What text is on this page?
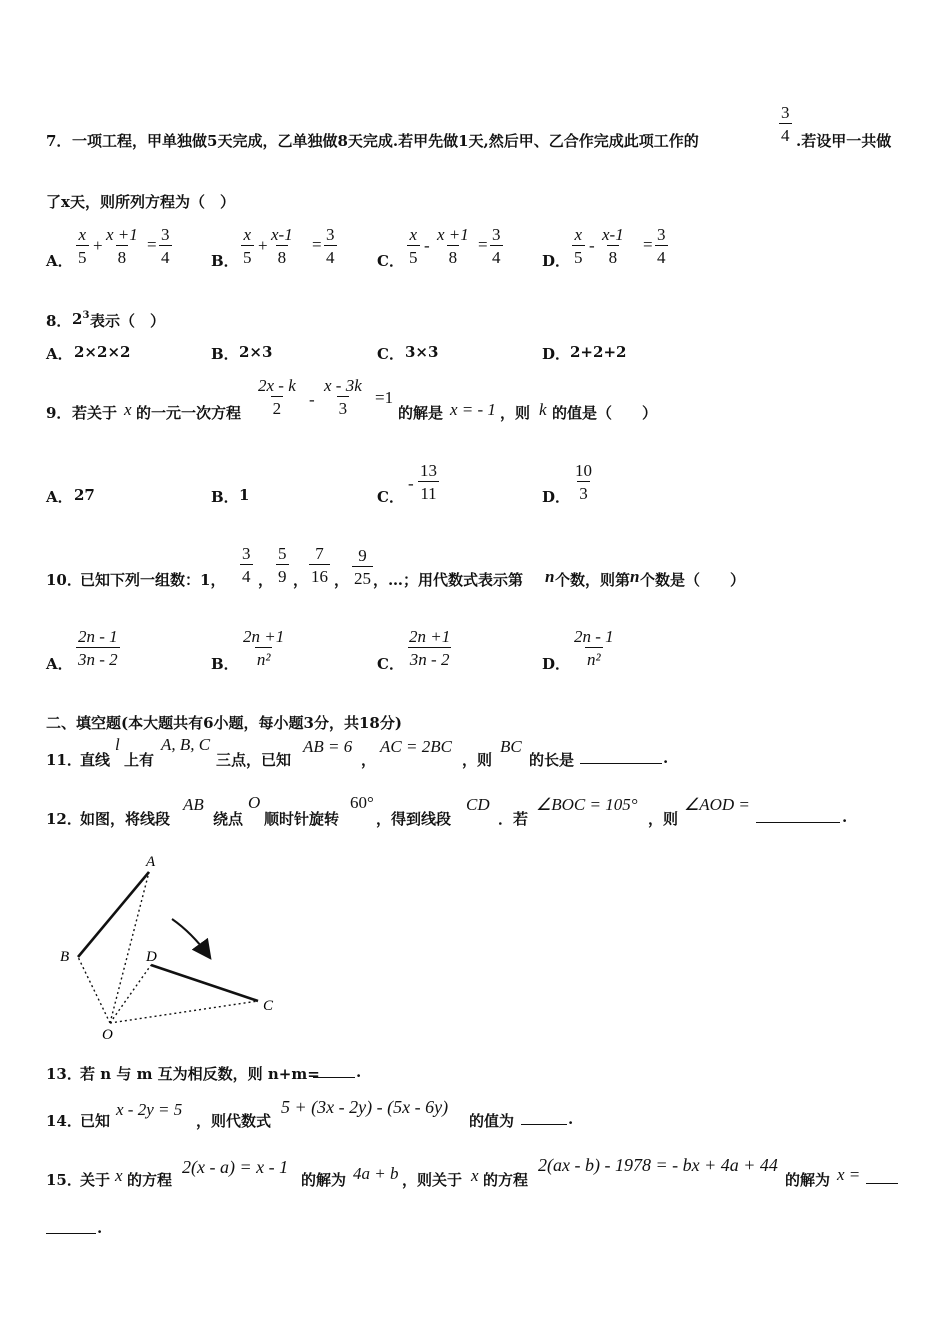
7． 一项工程，甲单独做5天完成，乙单独做8天完成.若甲先做1天,然后甲、乙合作完成此项工作的	$\frac{3}{4}$ .若设甲一共做
了x天，则所列方程为（　）
A． $\frac{x}{5} + \frac{x +1}{8} = \frac{3}{4}$	B． $\frac{x}{5} + \frac{x-1}{8} = \frac{3}{4}$	C． $\frac{x}{5} - \frac{x +1}{8} = \frac{3}{4}$	D． $\frac{x}{5} - \frac{x-1}{8} = \frac{3}{4}$
8． $2^3$ 表示（　）
A． 2×2×2	B． 2×3	C． 3×3	D． 2+2+2
9． 若关于 x 的一元一次方程 $\frac{2x - k}{2} - \frac{x - 3k}{3} =1$
的解是 x = - 1 ，则 k 的值是（　　）
A． 27	B． 1	C．
- $\frac{13}{11}$	D． $\frac{10}{3}$
10．
已知下列一组数：1， $\frac{3}{4}$ ， $\frac{5}{9}$ ， $\frac{7}{16}$ ， $\frac{9}{25}$ ，…；用代数式表示第 n 个数，则第 n 个数是（　　）
A． $\frac{2n - 1}{3n - 2}$	B． $\frac{2n +1}{\text{n²}}$	C． $\frac{2n +1}{3n - 2}$	D． $\frac{2n - 1}{\text{n²}}$
二、填空题(本大题共有6小题，每小题3分，共18分)
11．
直线
l
上有
A, B, C
三点，已知
AB = 6
，
AC = 2BC
，则
BC
的长是	.
12．
如图，将线段
AB
绕点
O
顺时针旋转
60°
，得到线段
CD
．若
∠BOC = 105°
，则
∠AOD =
.
A
B	D
C
O
13．
若 n 与 m 互为相反数，则 n+m= .
14．
已知
x - 2y = 5
，则代数式
5 + (3x - 2y) - (5x - 6y)
的值为	.
15．
关于 x 的方程
2(x - a) = x - 1
的解为 4a + b ，则关于 x 的方程
2(ax - b) - 1978 = - bx + 4a + 44
的解为 x =
.
